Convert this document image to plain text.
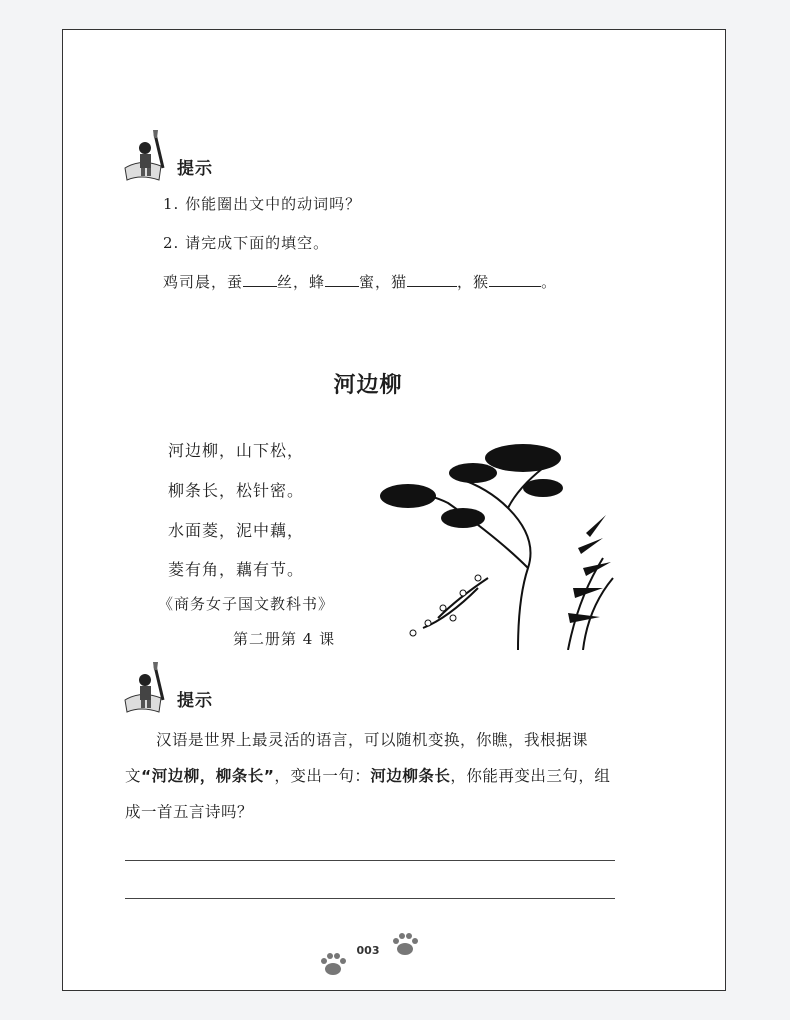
提示
1. 你能圈出文中的动词吗？
2. 请完成下面的填空。
鸡司晨，蚕 丝，蜂 蜜，猫	，猴	。
河边柳
河边柳，山下松，
柳条长，松针密。
水面菱，泥中藕，
菱有角，藕有节。
《商务女子国文教科书》
第二册第 4 课
提示
汉语是世界上最灵活的语言，可以随机变换，你瞧，我根据课文“河边柳，柳条长”，变出一句：河边柳条长，你能再变出三句，组成一首五言诗吗？
003
